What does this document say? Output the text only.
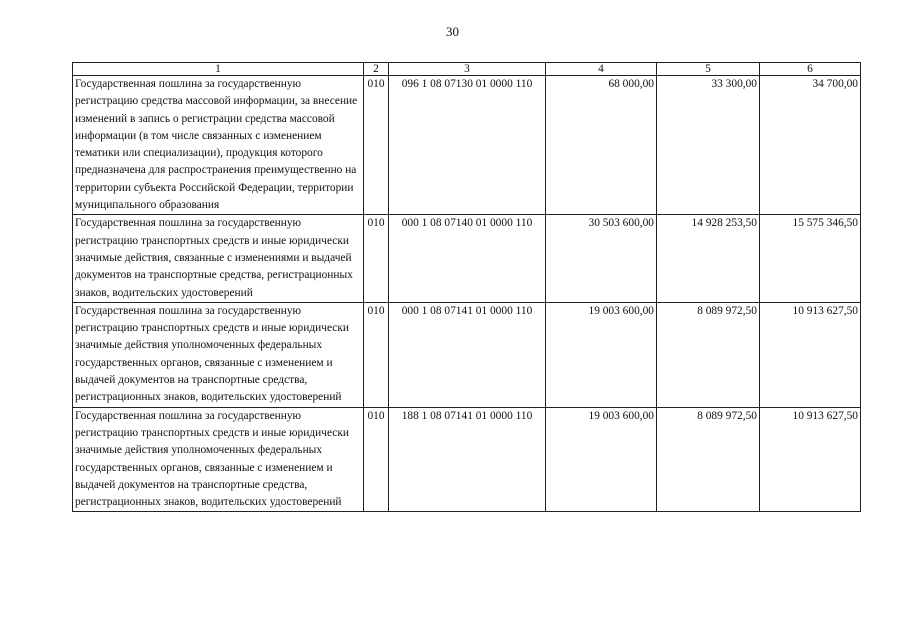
30
1	2	3	4	5	6
Государственная пошлина за государственную регистрацию средства массовой информации, за внесение изменений в запись о регистрации средства массовой информации (в том числе связанных с изменением тематики или специализации), продукция которого предназначена для распространения преимущественно на территории субъекта Российской Федерации, территории муниципального образования	010	096 1 08 07130 01 0000 110	68 000,00	33 300,00	34 700,00
Государственная пошлина за государственную регистрацию транспортных средств и иные юридически значимые действия, связанные с изменениями и выдачей документов на транспортные средства, регистрационных знаков, водительских удостоверений	010	000 1 08 07140 01 0000 110	30 503 600,00	14 928 253,50	15 575 346,50
Государственная пошлина за государственную регистрацию транспортных средств и иные юридически значимые действия уполномоченных федеральных государственных органов, связанные с изменением и выдачей документов на транспортные средства, регистрационных знаков, водительских удостоверений	010	000 1 08 07141 01 0000 110	19 003 600,00	8 089 972,50	10 913 627,50
Государственная пошлина за государственную регистрацию транспортных средств и иные юридически значимые действия уполномоченных федеральных государственных органов, связанные с изменением и выдачей документов на транспортные средства, регистрационных знаков, водительских удостоверений	010	188 1 08 07141 01 0000 110	19 003 600,00	8 089 972,50	10 913 627,50
